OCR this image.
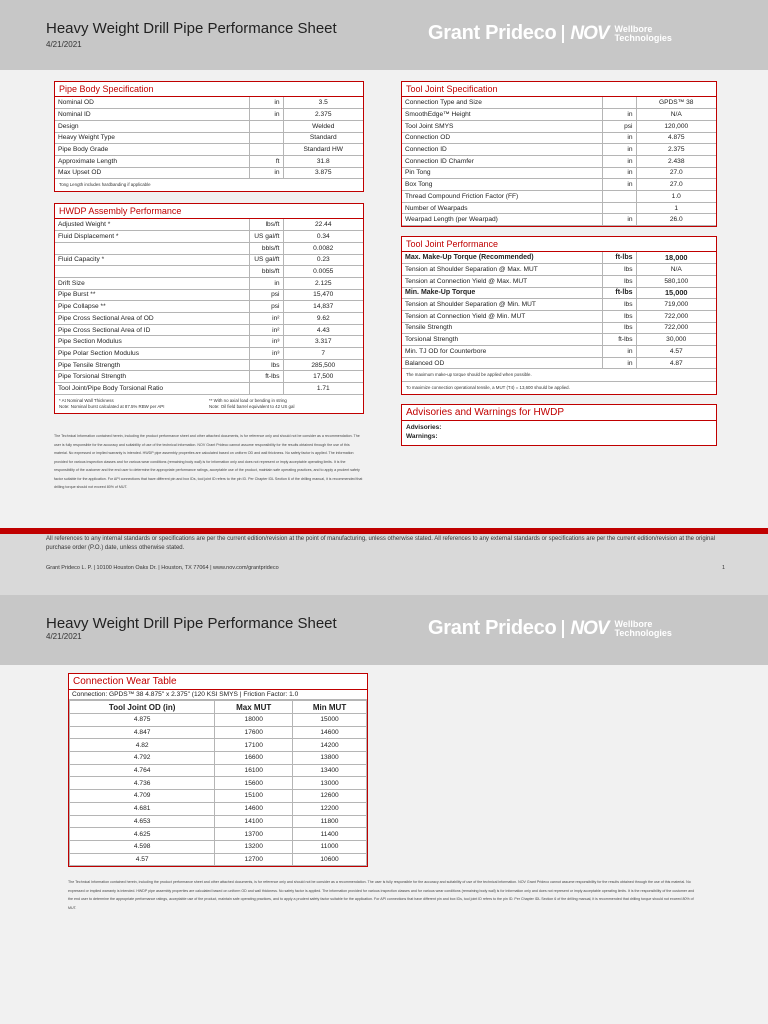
Heavy Weight Drill Pipe Performance Sheet
4/21/2021
Grant Prideco NOV Wellbore
Technologies
Pipe Body Specification
Nominal OD	in	3.5
Nominal ID	in	2.375
Design		Welded
Heavy Weight Type		Standard
Pipe Body Grade		Standard HW
Approximate Length	ft	31.8
Max Upset OD	in	3.875
Tong Length includes hardbanding if applicable
HWDP Assembly Performance
Adjusted Weight *	lbs/ft	22.44
Fluid Displacement *	US gal/ft	0.34
	bbls/ft	0.0082
Fluid Capacity *	US gal/ft	0.23
	bbls/ft	0.0055
Drift Size	in	2.125
Pipe Burst **	psi	15,470
Pipe Collapse **	psi	14,837
Pipe Cross Sectional Area of OD	in²	9.62
Pipe Cross Sectional Area of ID	in²	4.43
Pipe Section Modulus	in³	3.317
Pipe Polar Section Modulus	in³	7
Pipe Tensile Strength	lbs	285,500
Pipe Torsional Strength	ft-lbs	17,500
Tool Joint/Pipe Body Torsional Ratio		1.71
* At Nominal Wall Thickness	** With no axial load or bending in string
Note: Nominal burst calculated at 87.5% RBW per API	Note: Oil field barrel equivalent to 42 US gal
The Technical Information contained herein, including the product performance sheet and other attached documents, is for reference only and should not be consider as a recommendation. The user is fully responsible for the accuracy and suitability of use of the technical information. NOV Grant Prideco cannot assume responsibility for the results obtained through the use of this material. No expressed or implied warranty is intended. HWDP pipe assembly properties are calculated based on uniform OD and wall thickness. No safety factor is applied. The information provided for various inspection classes and for various wear conditions (remaining body wall) is for information only and does not represent or imply acceptable operating limits. It is the responsibility of the customer and the end user to determine the appropriate performance ratings, acceptable use of the product, maintain safe operating practices, and to apply a prudent safety factor suitable for the application. For API connections that have different pin and box IDs, tool joint ID refers to the pin ID. Per Chapter IDL Section 6 of the drilling manual, it is recommended that drilling torque should not exceed 80% of MUT.
Tool Joint Specification
Connection Type and Size		GPDS™ 38
SmoothEdge™ Height	in	N/A
Tool Joint SMYS	psi	120,000
Connection OD	in	4.875
Connection ID	in	2.375
Connection ID Chamfer	in	2.438
Pin Tong	in	27.0
Box Tong	in	27.0
Thread Compound Friction Factor (FF)		1.0
Number of Wearpads		1
Wearpad Length (per Wearpad)	in	26.0
Tool Joint Performance
Max. Make-Up Torque (Recommended)	ft-lbs	18,000
Tension at Shoulder Separation @ Max. MUT	lbs	N/A
Tension at Connection Yield @ Max. MUT	lbs	580,100
Min. Make-Up Torque	ft-lbs	15,000
Tension at Shoulder Separation @ Min. MUT	lbs	719,000
Tension at Connection Yield @ Min. MUT	lbs	722,000
Tensile Strength	lbs	722,000
Torsional Strength	ft-lbs	30,000
Min. TJ OD for Counterbore	in	4.57
Balanced OD	in	4.87
The maximum make-up torque should be applied when possible.
To maximize connection operational tensile, a MUT (T4) = 13,600 should be applied.
Advisories and Warnings for HWDP
Advisories:
Warnings:
All references to any internal standards or specifications are per the current edition/revision at the point of manufacturing, unless otherwise stated. All references to any external standards or specifications are per the current edition/revision at the original purchase order (P.O.) date, unless otherwise stated.
Grant Prideco L. P. | 10100 Houston Oaks Dr. | Houston, TX 77064 | www.nov.com/grantprideco	1
Heavy Weight Drill Pipe Performance Sheet
4/21/2021	Grant Prideco NOV Wellbore
Technologies
Connection Wear Table
Connection: GPDS™ 38 4.875" x 2.375" (120 KSI SMYS | Friction Factor: 1.0
Tool Joint OD (in)	Max MUT	Min MUT
4.875	18000	15000
4.847	17600	14600
4.82	17100	14200
4.792	16600	13800
4.764	16100	13400
4.736	15600	13000
4.709	15100	12600
4.681	14600	12200
4.653	14100	11800
4.625	13700	11400
4.598	13200	11000
4.57	12700	10600
The Technical Information contained herein, including the product performance sheet and other attached documents, is for reference only and should not be consider as a recommendation. The user is fully responsible for the accuracy and suitability of use of the technical information. NOV Grant Prideco cannot assume responsibility for the results obtained through the use of this material. No expressed or implied warranty is intended. HWDP pipe assembly properties are calculated based on uniform OD and wall thickness. No safety factor is applied. The information provided for various inspection classes and for various wear conditions (remaining body wall) is for information only and does not represent or imply acceptable operating limits. It is the responsibility of the customer and the end user to determine the appropriate performance ratings, acceptable use of the product, maintain safe operating practices, and to apply a prudent safety factor suitable for the application. For API connections that have different pin and box IDs, tool joint ID refers to the pin ID. Per Chapter IDL Section 6 of the drilling manual, it is recommended that drilling torque should not exceed 80% of MUT.
